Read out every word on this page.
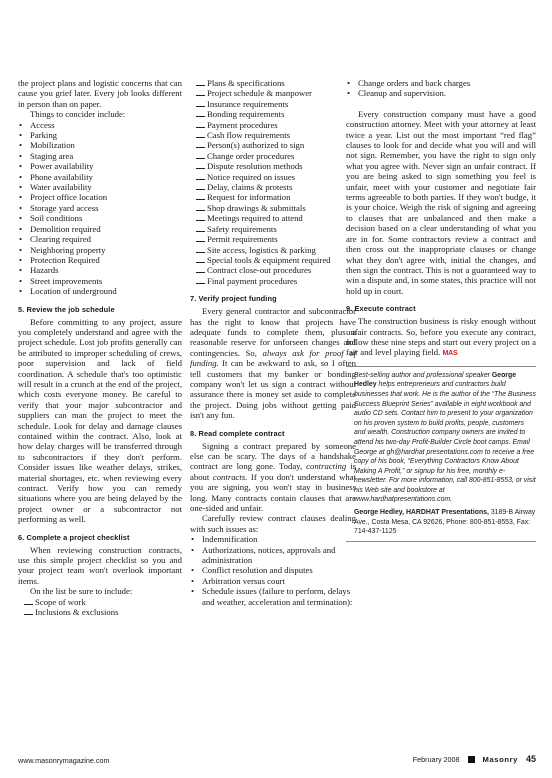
the project plans and logistic concerns that can cause you grief later. Every job looks different in person than on paper.

Things to concider include:
• Access
• Parking
• Mobilization
• Staging area
• Power availability
• Phone availability
• Water availability
• Project office location
• Storage yard access
• Soil conditions
• Demolition required
• Clearing required
• Neighboring property
• Protection Required
• Hazards
• Street improvements
• Location of underground
5. Review the job schedule

Before committing to any project, assure you completely understand and agree with the project schedule. Lost job profits generally can be attributed to improper scheduling of crews, poor supervision and lack of field coordination. A schedule that's too optimistic will result in a crunch at the end of the project, which costs everyone money. Be careful to verify that your major subcontractor and suppliers can man the project to meet the schedule. Look for delay and damage clauses contained within the contract. Also, look at how delay charges will be transferred through to subcontractors if they don't perform. Consider issues like weather delays, strikes, material shortages, etc. when reviewing every contract. Verify how you can remedy situations where you are being delayed by the project owner or a subcontractor not performing as well.

6. Complete a project checklist

When reviewing construction contracts, use this simple project checklist so you and your project team won't overlook important items.

On the list be sure to include:
Scope of work
Inclusions & exclusions
Plans & specifications
Project schedule & manpower
Insurance requirements
Bonding requirements
Payment procedures
Cash flow requirements
Person(s) authorized to sign
Change order procedures
Dispute resolution methods
Notice required on issues
Delay, claims & protests
Request for information
Shop drawings & submittals
Meetings required to attend
Safety requirements
Permit requirements
Site access, logistics & parking
Special tools & equipment required
Contract close-out procedures
Final payment procedures
7. Verify project funding

Every general contractor and subcontractor has the right to know that projects have adequate funds to complete them, plus a reasonable reserve for unforseen changes and contingencies. So, always ask for proof of funding. It can be awkward to ask, so I often tell customers that my banker or bonding company won't let us sign a contract without assurance there is money set aside to complete the project. Doing jobs without getting paid isn't any fun.

8. Read complete contract

Signing a contract prepared by someone else can be scary. The days of a handshake contract are long gone. Today, contracting is about contracts. If you don't understand what you are signing, you won't stay in business long. Many contracts contain clauses that are one-sided and unfair.

Carefully review contract clauses dealing with such issues as:

• Indemnification
• Authorizations, notices, approvals and administration
• Conflict resolution and disputes
• Arbitration versus court
• Schedule issues (failure to perform, delays and weather, acceleration and termination):
• Change orders and back charges
• Cleanup and supervision.

Every construction company must have a good construction attorney. Meet with your attorney at least twice a year. List out the most important “red flag” clauses to look for and decide what you will and will not sign. Remember, you have the right to sign only what you agree with. Never sign an unfair contract. If you are being asked to sign something you feel is unfair, meet with your customer and negotiate fair terms agreeable to both parties. If they won't budge, it is your choice. Weigh the risk of signing and agreeing to clauses that are unbalanced and then make a decision based on a clear understanding of what you are in for. Some contractors review a contract and then cross out the inappropriate clauses or change what they don't agree with, initial the changes, and then sign the contract. This is not a guaranteed way to win a dispute and, in some states, this practice will not hold up in court.

9. Execute contract

The construction business is risky enough without unfair contracts. So, before you execute any contract, follow these nine steps and start out every project on a fair and level playing field. MAS

Best-selling author and professional speaker George Hedley helps entrepreneurs and contractors build businesses that work. He is the author of the “The Business Success Blueprint Series” available in eight workbook and audio CD sets. Contact him to present to your organization on his proven system to build profits, people, customers and wealth. Construction company owners are invited to attend his two-day Profit-Builder Circle boot camps. Email George at gh@hardhat presentations.com to receive a free copy of his book, “Everything Contractors Know About Making A Profit,” or signup for his free, monthly e-newsletter. For more information, call 800-851-8553, or visit his Web site and bookstore at www.hardhatpresentations.com.
George Hedley, HARDHAT Presentations, 3189-B Airway Ave., Costa Mesa, CA 92626, Phone: 800-851-8553, Fax: 714-437-1125
www.masonrymagazine.com	February 2008	Masonry 45
